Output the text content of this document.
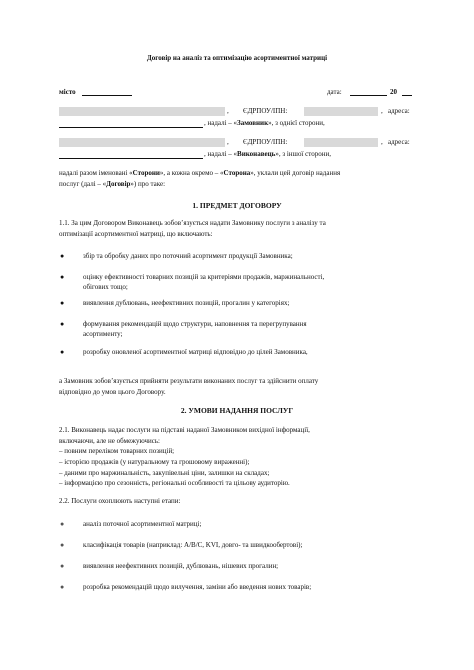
Договір на аналіз та оптимізацію асортиментної матриці
місто	дата:	20
, ЄДРПОУ/ІПН:	, адреса:
, надалі – «Замовник», з однієї сторони,
, ЄДРПОУ/ІПН:	, адреса:
, надалі – «Виконавець», з іншої сторони,
надалі разом іменовані «Сторони», а кожна окремо – «Сторона», уклали цей договір надання
послуг (далі – «Договір») про таке:
1. ПРЕДМЕТ ДОГОВОРУ
1.1. За цим Договором Виконавець зобов’язується надати Замовнику послуги з аналізу та
оптимізації асортиментної матриці, що включають:
●	збір та обробку даних про поточний асортимент продукції Замовника;
●	оцінку ефективності товарних позицій за критеріями продажів, маржинальності,
обігових тощо;
●	виявлення дублювань, неефективних позицій, прогалин у категоріях;
●	формування рекомендацій щодо структури, наповнення та перегрупування
асортименту;
●	розробку оновленої асортиментної матриці відповідно до цілей Замовника,
а Замовник зобов’язується прийняти результати виконаних послуг та здійснити оплату
відповідно до умов цього Договору.
2. УМОВИ НАДАННЯ ПОСЛУГ
2.1. Виконавець надає послуги на підставі наданої Замовником вихідної інформації,
включаючи, але не обмежуючись:
– повним переліком товарних позицій;
– історією продажів (у натуральному та грошовому вираженні);
– даними про маржинальність, закупівельні ціни, залишки на складах;
– інформацією про сезонність, регіональні особливості та цільову аудиторію.
2.2. Послуги охоплюють наступні етапи:
●	аналіз поточної асортиментної матриці;
●	класифікація товарів (наприклад: A/B/C, KVI, довго- та швидкообертові);
●	виявлення неефективних позицій, дублювань, нішевих прогалин;
●	розробка рекомендацій щодо вилучення, заміни або введення нових товарів;
